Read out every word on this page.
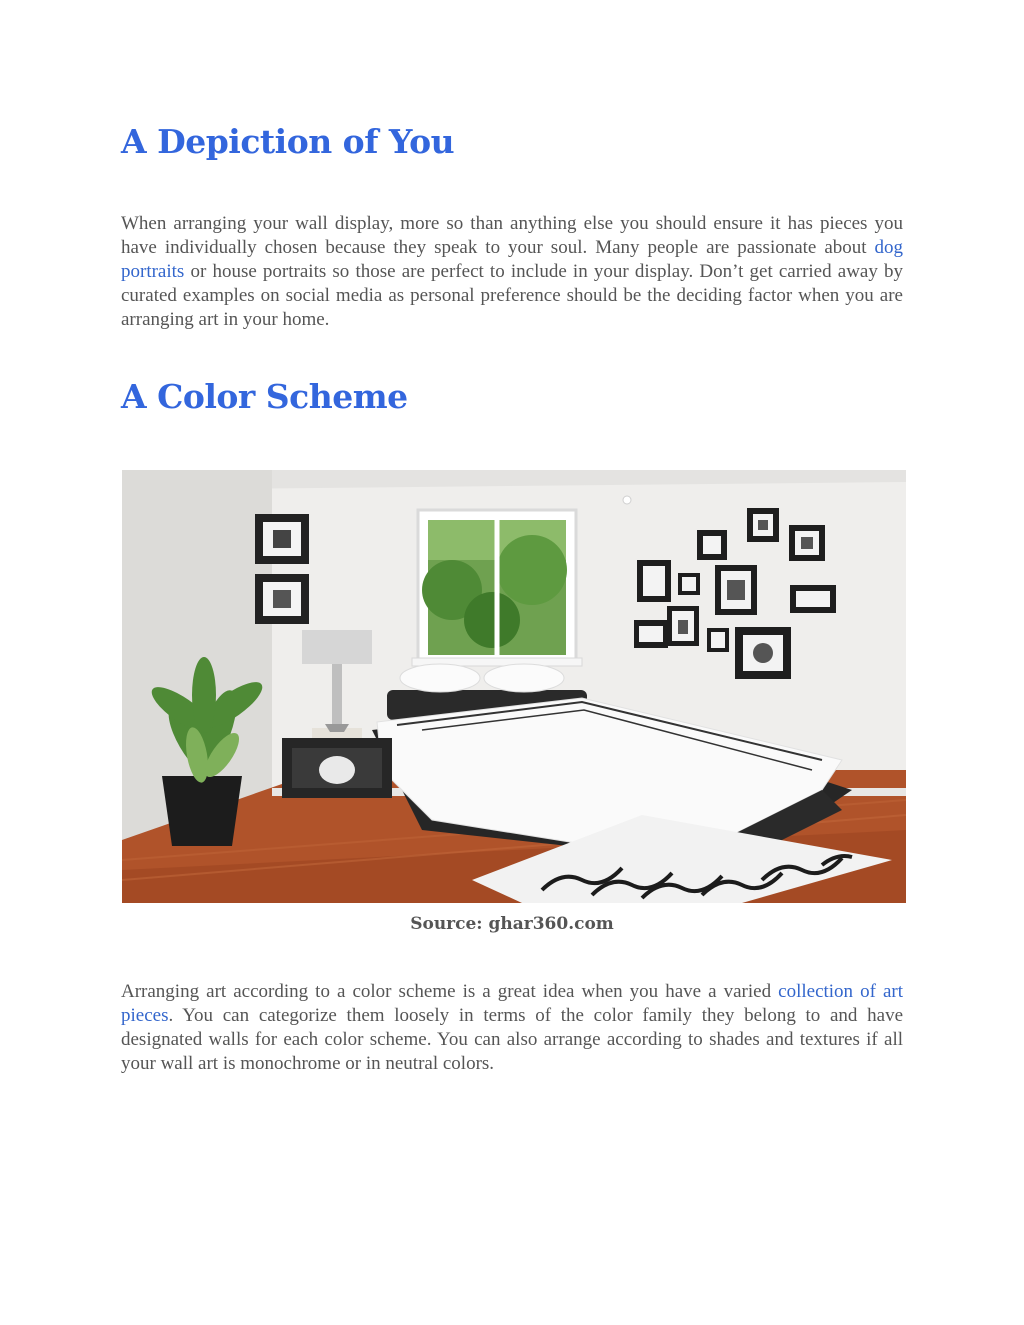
A Depiction of You

When arranging your wall display, more so than anything else you should ensure it has pieces you have individually chosen because they speak to your soul. Many people are passionate about dog portraits or house portraits so those are perfect to include in your display. Don’t get carried away by curated examples on social media as personal preference should be the deciding factor when you are arranging art in your home.

A Color Scheme
Source: ghar360.com

Arranging art according to a color scheme is a great idea when you have a varied collection of art pieces. You can categorize them loosely in terms of the color family they belong to and have designated walls for each color scheme. You can also arrange according to shades and textures if all your wall art is monochrome or in neutral colors.
